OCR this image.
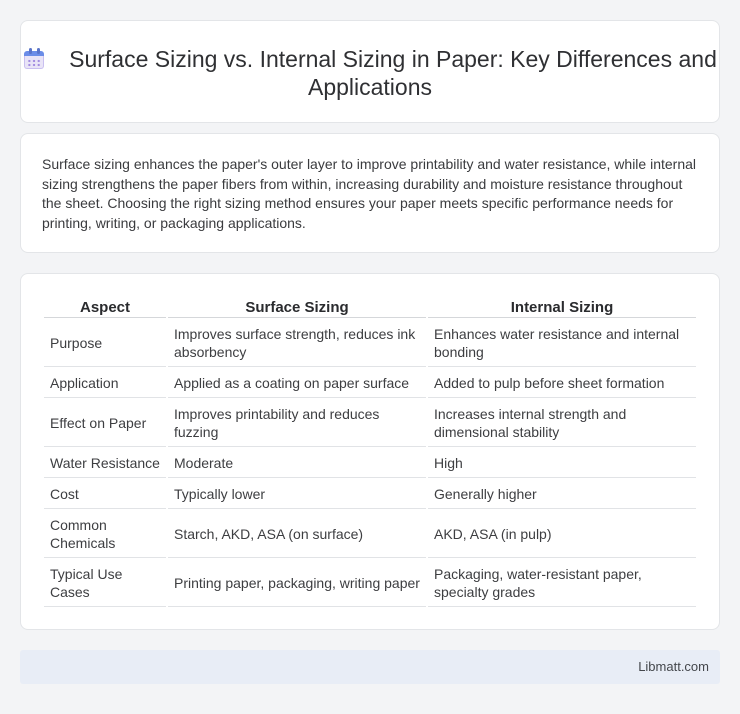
Surface Sizing vs. Internal Sizing in Paper: Key Differences and Applications

Surface sizing enhances the paper's outer layer to improve printability and water resistance, while internal sizing strengthens the paper fibers from within, increasing durability and moisture resistance throughout the sheet. Choosing the right sizing method ensures your paper meets specific performance needs for printing, writing, or packaging applications.

Aspect	Surface Sizing	Internal Sizing
Purpose	Improves surface strength, reduces ink absorbency	Enhances water resistance and internal bonding
Application	Applied as a coating on paper surface	Added to pulp before sheet formation
Effect on Paper	Improves printability and reduces fuzzing	Increases internal strength and dimensional stability
Water Resistance	Moderate	High
Cost	Typically lower	Generally higher
Common Chemicals	Starch, AKD, ASA (on surface)	AKD, ASA (in pulp)
Typical Use Cases	Printing paper, packaging, writing paper	Packaging, water-resistant paper, specialty grades
Libmatt.com
